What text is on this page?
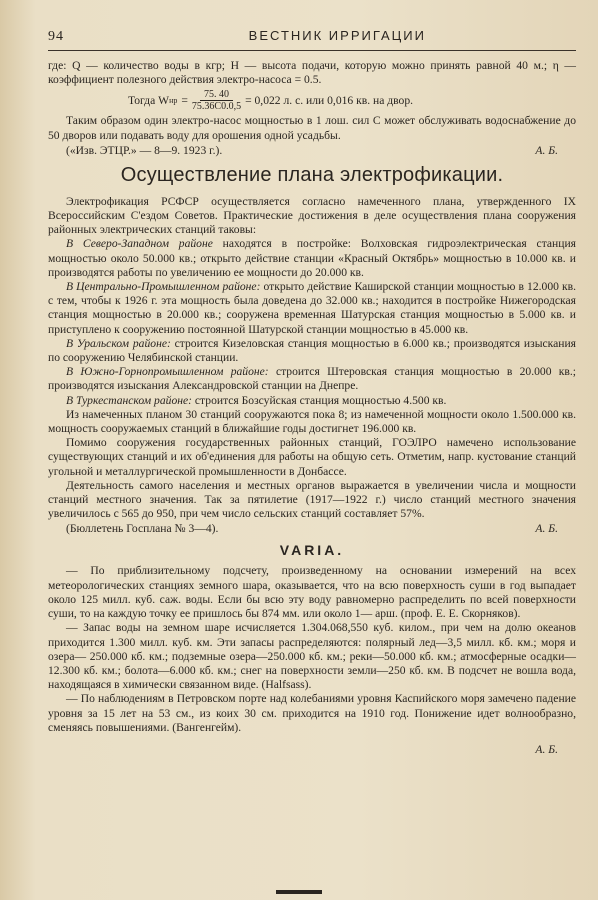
94	ВЕСТНИК ИРРИГАЦИИ

где: Q — количество воды в кгр; H — высота подачи, которую можно принять равной 40 м.; η — коэффициент полезного действия электро-насоса = 0.5.

Тогда W нр = $\frac{75. 40}{75.36C0.0,5} = 0,022$ л. с. или 0,016 кв. на двор.

Таким образом один электро-насос мощностью в 1 лош. сил С может обслуживать водоснабжение до 50 дворов или подавать воду для орошения одной усадьбы.

(«Изв. ЭТЦР.» — 8—9. 1923 г.).	А. Б.
Осуществление плана электрофикации.

Электрофикация РСФСР осуществляется согласно намеченного плана, утвержденного IX Всероссийским С'ездом Советов. Практические достижения в деле осуществления плана сооружения районных электрических станций таковы:

В Северо-Западном районе находятся в постройке: Волховская гидроэлектрическая станция мощностью около 50.000 кв.; открыто действие станции «Красный Октябрь» мощностью в 10.000 кв. и производятся работы по увеличению ее мощности до 20.000 кв.

В Центрально-Промышленном районе: открыто действие Каширской станции мощностью в 12.000 кв. с тем, чтобы к 1926 г. эта мощность была доведена до 32.000 кв.; находится в постройке Нижегородская станция мощностью в 20.000 кв.; сооружена временная Шатурская станция мощностью в 5.000 кв. и приступлено к сооружению постоянной Шатурской станции мощностью в 45.000 кв.

В Уральском районе: строится Кизеловская станция мощностью в 6.000 кв.; производятся изыскания по сооружению Челябинской станции.

В Южно-Горнопромышленном районе: строится Штеровская станция мощностью в 20.000 кв.; производятся изыскания Александровской станции на Днепре.

В Туркестанском районе: строится Бозсуйская станция мощностью 4.500 кв.

Из намеченных планом 30 станций сооружаются пока 8; из намеченной мощности около 1.500.000 кв. мощность сооружаемых станций в ближайшие годы достигнет 196.000 кв.

Помимо сооружения государственных районных станций, ГОЭЛРО намечено использование существующих станций и их об'единения для работы на общую сеть. Отметим, напр. кустование станций угольной и металлургической промышленности в Донбассе.

Деятельность самого населения и местных органов выражается в увеличении числа и мощности станций местного значения. Так за пятилетие (1917—1922 г.) число станций местного значения увеличилось с 565 до 950, при чем число сельских станций составляет 57%.

(Бюллетень Госплана № 3—4).	А. Б.
VARIA.

— По приблизительному подсчету, произведенному на основании измерений на всех метеорологических станциях земного шара, оказывается, что на всю поверхность суши в год выпадает около 125 милл. куб. саж. воды. Если бы всю эту воду равномерно распределить по всей поверхности суши, то на каждую точку ее пришлось бы 874 мм. или около 1— арш. (проф. Е. Е. Скорняков).

— Запас воды на земном шаре исчисляется 1.304.068,550 куб. килом., при чем на долю океанов приходится 1.300 милл. куб. км. Эти запасы распределяются: полярный лед—3,5 милл. кб. км.; моря и озера— 250.000 кб. км.; подземные озера—250.000 кб. км.; реки—50.000 кб. км.; атмосферные осадки—12.300 кб. км.; болота—6.000 кб. км.; снег на поверхности земли—250 кб. км. В подсчет не вошла вода, находящаяся в химически связанном виде. (Halfsass).

— По наблюдениям в Петровском порте над колебаниями уровня Каспийского моря замечено падение уровня за 15 лет на 53 см., из коих 30 см. приходится на 1910 год. Понижение идет волнообразно, сменяясь повышениями. (Вангенгейм).

А. Б.
